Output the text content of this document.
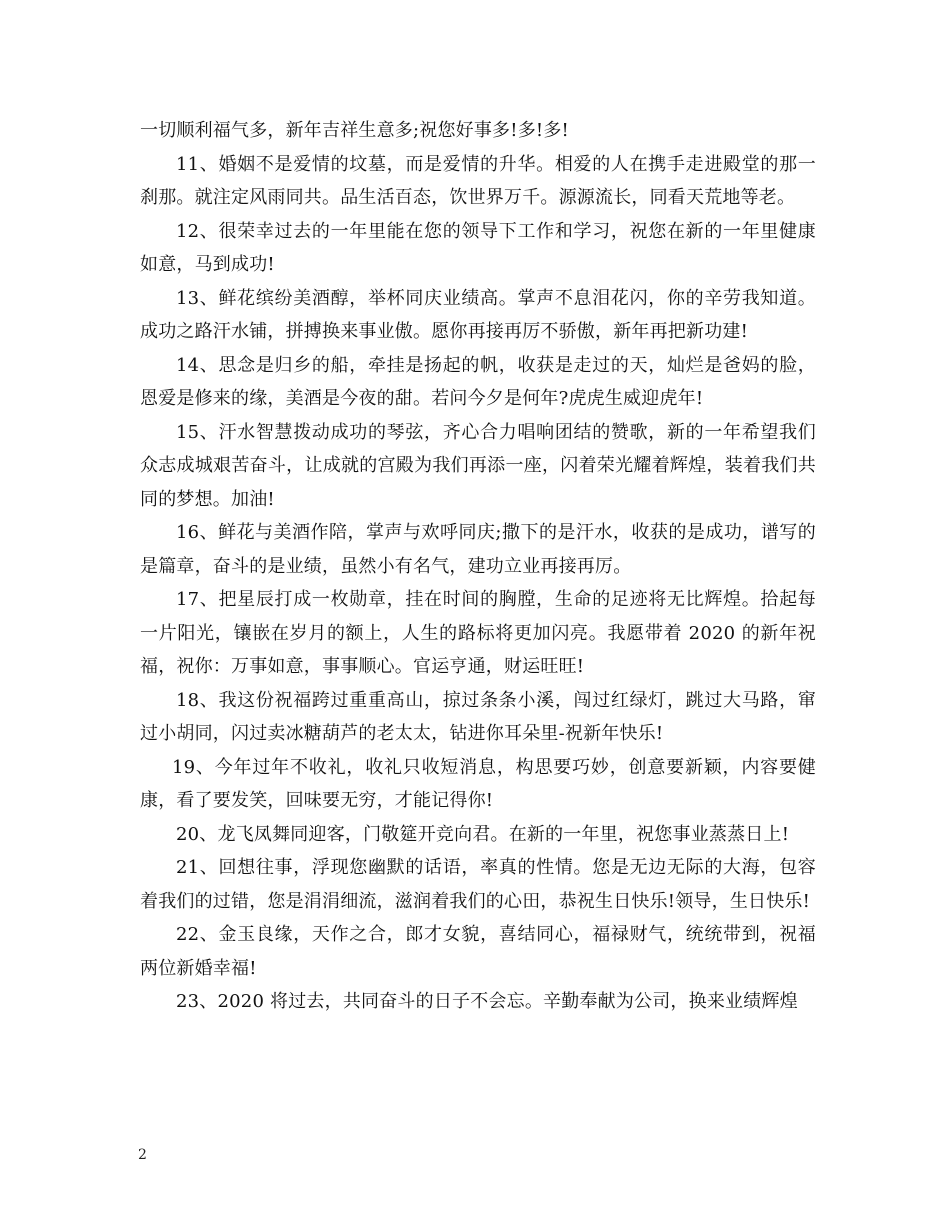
一切顺利福气多，新年吉祥生意多;祝您好事多!多!多!

11、婚姻不是爱情的坟墓，而是爱情的升华。相爱的人在携手走进殿堂的那一刹那。就注定风雨同共。品生活百态，饮世界万千。源源流长，同看天荒地等老。

12、很荣幸过去的一年里能在您的领导下工作和学习，祝您在新的一年里健康如意，马到成功!

13、鲜花缤纷美酒醇，举杯同庆业绩高。掌声不息泪花闪，你的辛劳我知道。成功之路汗水铺，拼搏换来事业傲。愿你再接再厉不骄傲，新年再把新功建!

14、思念是归乡的船，牵挂是扬起的帆，收获是走过的天，灿烂是爸妈的脸，恩爱是修来的缘，美酒是今夜的甜。若问今夕是何年?虎虎生威迎虎年!

15、汗水智慧拨动成功的琴弦，齐心合力唱响团结的赞歌，新的一年希望我们众志成城艰苦奋斗，让成就的宫殿为我们再添一座，闪着荣光耀着辉煌，装着我们共同的梦想。加油!

16、鲜花与美酒作陪，掌声与欢呼同庆;撒下的是汗水，收获的是成功，谱写的是篇章，奋斗的是业绩，虽然小有名气，建功立业再接再厉。

17、把星辰打成一枚勋章，挂在时间的胸膛，生命的足迹将无比辉煌。拾起每一片阳光，镶嵌在岁月的额上，人生的路标将更加闪亮。我愿带着 2020 的新年祝福，祝你：万事如意，事事顺心。官运亨通，财运旺旺!

18、我这份祝福跨过重重高山，掠过条条小溪，闯过红绿灯，跳过大马路，窜过小胡同，闪过卖冰糖葫芦的老太太，钻进你耳朵里-祝新年快乐!

19、今年过年不收礼，收礼只收短消息，构思要巧妙，创意要新颖，内容要健康，看了要发笑，回味要无穷，才能记得你!

20、龙飞凤舞同迎客，门敬筵开竞向君。在新的一年里，祝您事业蒸蒸日上!

21、回想往事，浮现您幽默的话语，率真的性情。您是无边无际的大海，包容着我们的过错，您是涓涓细流，滋润着我们的心田，恭祝生日快乐!领导，生日快乐!

22、金玉良缘，天作之合，郎才女貌，喜结同心，福禄财气，统统带到，祝福两位新婚幸福!

23、2020 将过去，共同奋斗的日子不会忘。辛勤奉献为公司，换来业绩辉煌

2
